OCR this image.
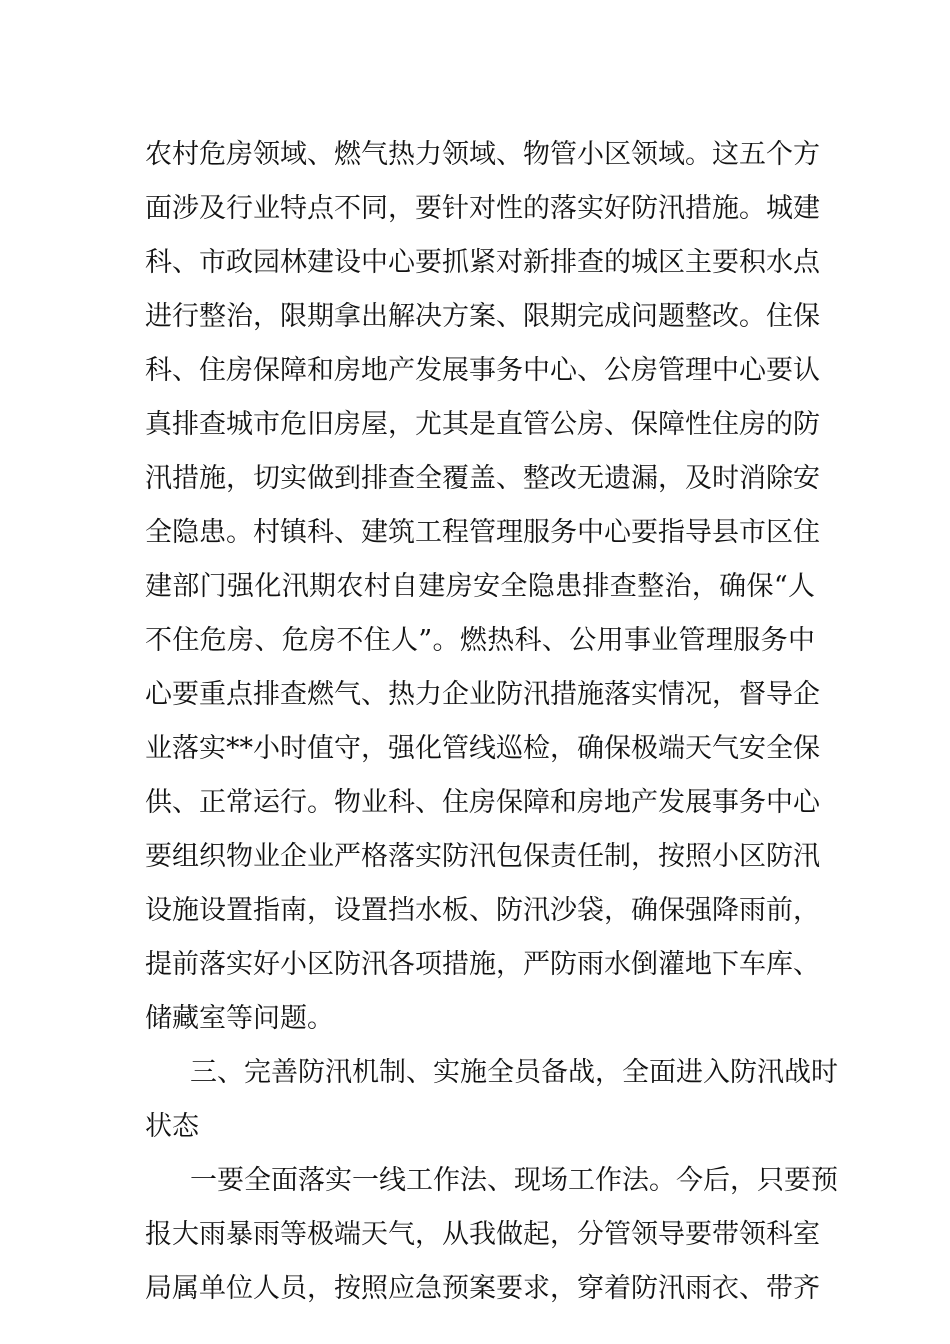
农村危房领域、燃气热力领域、物管小区领域。这五个方
面涉及行业特点不同，要针对性的落实好防汛措施。城建
科、市政园林建设中心要抓紧对新排查的城区主要积水点
进行整治，限期拿出解决方案、限期完成问题整改。住保
科、住房保障和房地产发展事务中心、公房管理中心要认
真排查城市危旧房屋，尤其是直管公房、保障性住房的防
汛措施，切实做到排查全覆盖、整改无遗漏，及时消除安
全隐患。村镇科、建筑工程管理服务中心要指导县市区住
建部门强化汛期农村自建房安全隐患排查整治，确保“人
不住危房、危房不住人”。燃热科、公用事业管理服务中
心要重点排查燃气、热力企业防汛措施落实情况，督导企
业落实**小时值守，强化管线巡检，确保极端天气安全保
供、正常运行。物业科、住房保障和房地产发展事务中心
要组织物业企业严格落实防汛包保责任制，按照小区防汛
设施设置指南，设置挡水板、防汛沙袋，确保强降雨前，
提前落实好小区防汛各项措施，严防雨水倒灌地下车库、
储藏室等问题。
三、完善防汛机制、实施全员备战，全面进入防汛战时
状态
一要全面落实一线工作法、现场工作法。今后，只要预
报大雨暴雨等极端天气，从我做起，分管领导要带领科室
局属单位人员，按照应急预案要求，穿着防汛雨衣、带齐
